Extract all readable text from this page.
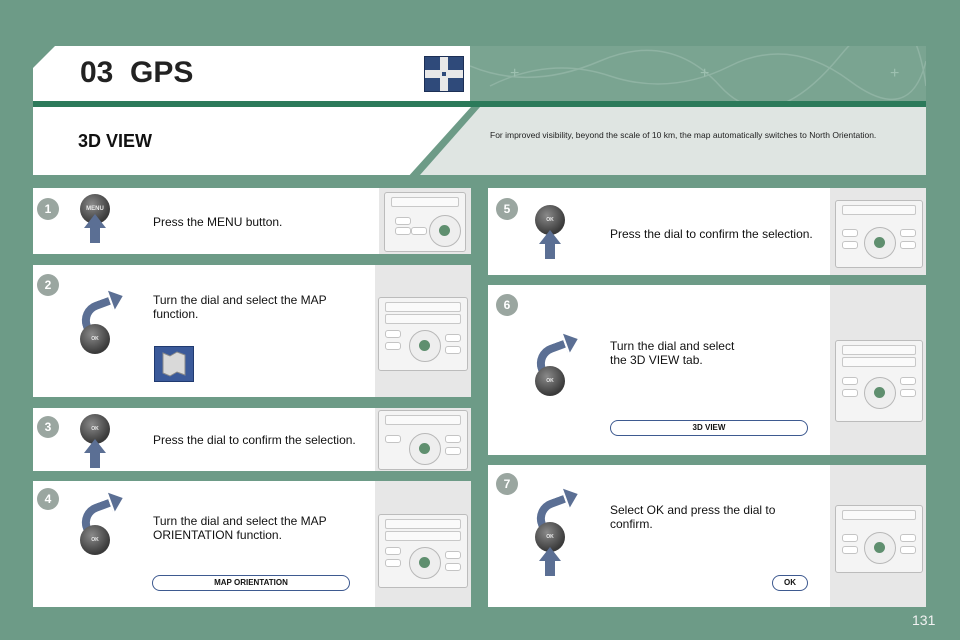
+	+	+
03 GPS
3D VIEW	For improved visibility, beyond the scale of 10 km, the map automatically switches to North Orientation.
1	MENU
Press the MENU button.
2
OK
Turn the dial and select the MAP function.
3	OK
Press the dial to confirm the selection.
4
OK
Turn the dial and select the MAP ORIENTATION function.
MAP ORIENTATION
5
OK
Press the dial to confirm the selection.
6
OK
Turn the dial and select the 3D VIEW tab.
3D VIEW
7
OK
Select OK and press the dial to confirm.
OK
131
